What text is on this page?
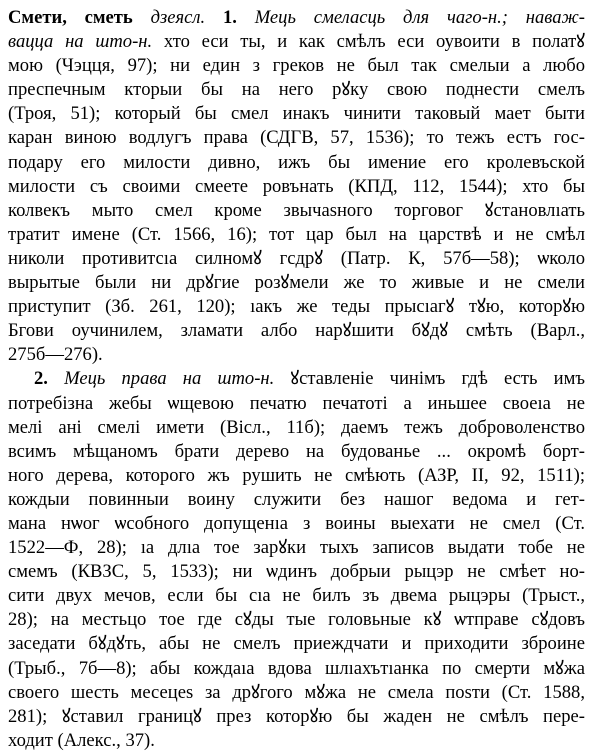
Смети, сметь дзеясл. 1. Мець смеласць для чаго-н.; наваж-
вацца на што-н. хто еси ты, и как смѣлъ еси оувоити в полатꙋ
мою (Чэцця, 97); ни един з греков не был так смелыи а любо
преспечным ктoрыи бы на него рꙋку свою поднести смелъ
(Троя, 51); который бы смел инакъ чинити таковый мает быти
каран виною водлугъ права (СДГВ, 57, 1536); то тежъ естъ гос-
подару его милости дивно, ижъ бы имение его кролевъской
милости съ своими смеете ровънать (КПД, 112, 1544); хто бы
колвекъ мыто смел кроме звычаѕного торговог ꙋстановлıать
тратит имене (Ст. 1566, 16); тот цар был на царствѣ и не смѣл
николи противитсıа силномꙋ гсдрꙋ (Патр. К, 57б—58); ѡколо
вырытые были ни дрꙋгие розꙋмели же то живые и не смели
приступит (Зб. 261, 120); ıакъ же теды прысıагꙋ тꙋю, которꙋю
Бгови оучинилем, зламати албо нарꙋшити бꙋдꙋ смѣть (Варл.,
275б—276).
2. Мець права на што-н. ꙋставленіе чинімъ гдѣ есть имъ
потребізна жебы ѡщевою печатю печатоті а иньшее своеıа не
мелі ані смелі имети (Вісл., 11б); даемъ тежъ доброволенство
всимъ мѣщаномъ брати дерево на будованье ... окромѣ борт-
ного дерева, которого жъ рушить не смѣють (АЗР, II, 92, 1511);
кождыи повинныи воину служити без нашог ведома и гет-
мана нѡог ѡсобного допущенıа з воины выехати не смел (Ст.
1522—Ф, 28); ıа длıа тое зарꙋки тыхъ записов выдати тобе не
смемъ (КВЗС, 5, 1533); ни ѡдинъ добрыи рыцэр не смѣет но-
сити двух мечов, если бы сıа не билъ зъ двема рыцэры (Трыст.,
28); на местьцо тое где сꙋды тые головьные кꙋ ѡтправе сꙋдовъ
заседати бꙋдꙋть, абы не смелъ приеждчати и приходити зброине
(Трыб., 7б—8); абы кождаıа вдова шлıахътıанка по смерти мꙋжа
своего шесть месецеѕ за дрꙋгого мꙋжа не смела поѕти (Ст. 1588,
281); ꙋставил границꙋ през которꙋю бы жаден не смѣлъ пере-
ходит (Алекс., 37).
